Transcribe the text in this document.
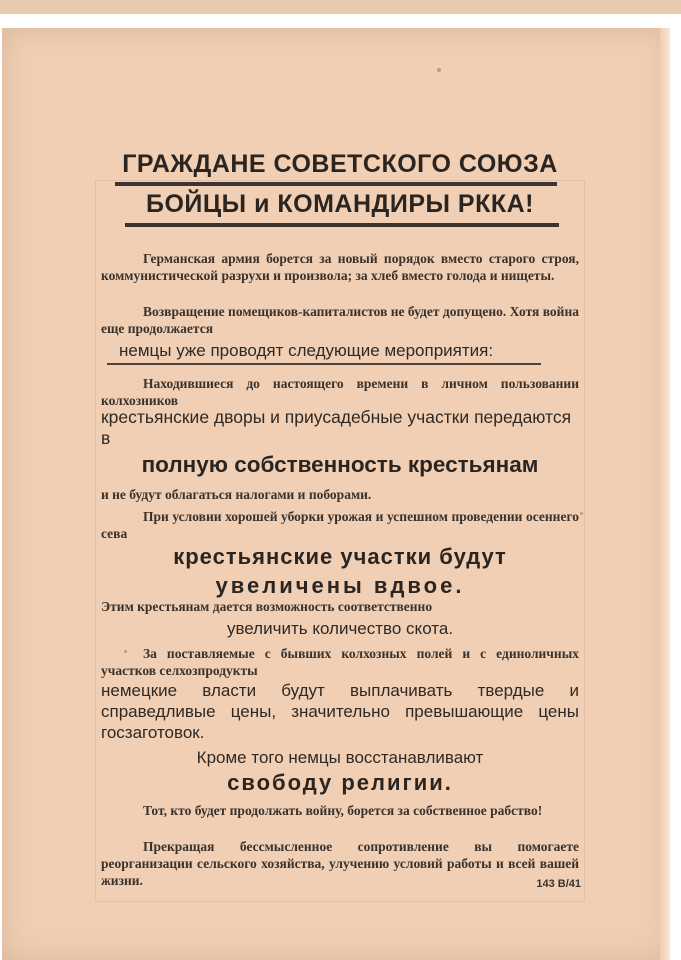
ГРАЖДАНЕ СОВЕТСКОГО СОЮЗА
БОЙЦЫ и КОМАНДИРЫ РККА!
Германская армия борется за новый порядок вместо старого строя, коммунистической разрухи и произвола; за хлеб вместо голода и нищеты.
Возвращение помещиков-капиталистов не будет допущено. Хотя война еще продолжается
немцы уже проводят следующие мероприятия:
Находившиеся до настоящего времени в личном пользовании колхозников
крестьянские дворы и приусадебные участки передаются в
полную собственность крестьянам
и не будут облагаться налогами и поборами.
При условии хорошей уборки урожая и успешном проведении осеннего сева
крестьянские участки будут
увеличены вдвое.
Этим крестьянам дается возможность соответственно
увеличить количество скота.
За поставляемые с бывших колхозных полей и с единоличных участков селхозпродукты
немецкие власти будут выплачивать твердые и справедливые цены, значительно превышающие цены госзаготовок.
Кроме того немцы восстанавливают
свободу религии.
Тот, кто будет продолжать войну, борется за собственное рабство!
Прекращая бессмысленное сопротивление вы помогаете реорганизации сельского хозяйства, улучению условий работы и всей вашей жизни.	143 В/41
